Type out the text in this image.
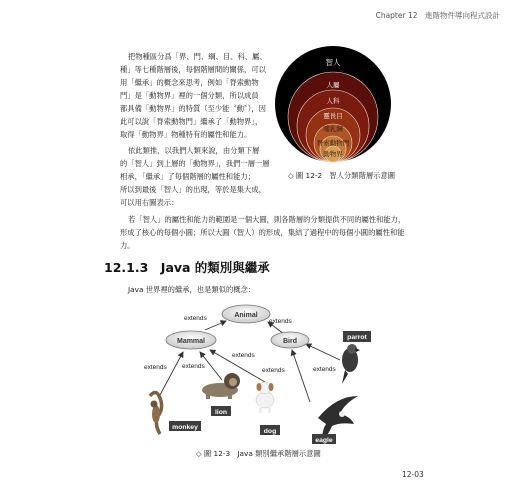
Chapter 12　進階物件導向程式設計
把物種區分爲「界、門、綱、目、科、屬、
種」等七種階層後，每個階層間的關係，可以
用「繼承」的概念來思考，例如「脊索動物
門」是「動物界」裡的一個分類，所以成員
都具備「動物界」的特質（至少能〝動〞），因
此可以說「脊索動物門」繼承了「動物界」，
取得「動物界」物種特有的屬性和能力。
依此類推，以我們人類來說，由分類下層
的「智人」到上層的「動物界」，我們一層一層
相承，「繼承」了每個階層的屬性和能力；
所以到最後「智人」的出現，等於是集大成，
可以用右圖表示：
若「智人」的屬性和能力的範圍是一個大圓，則各階層的分類提供不同的屬性和能力，
形成了核心的每個小圓；所以大圓（智人）的形成，集結了過程中的每個小圓的屬性和能
力。
智人
人屬
人科
靈長目
哺乳綱
脊索動物門
動物界
◇ 圖 12-2　智人分類階層示意圖
12.1.3　Java 的類別與繼承
Java 世界裡的繼承，也是類似的概念：
extends	extends
extends extends
extends
extends
extends
Animal
Mammal	Bird
parrot
lion
dog
monkey
eagle
◇ 圖 12-3　Java 類別繼承階層示意圖
12-03
